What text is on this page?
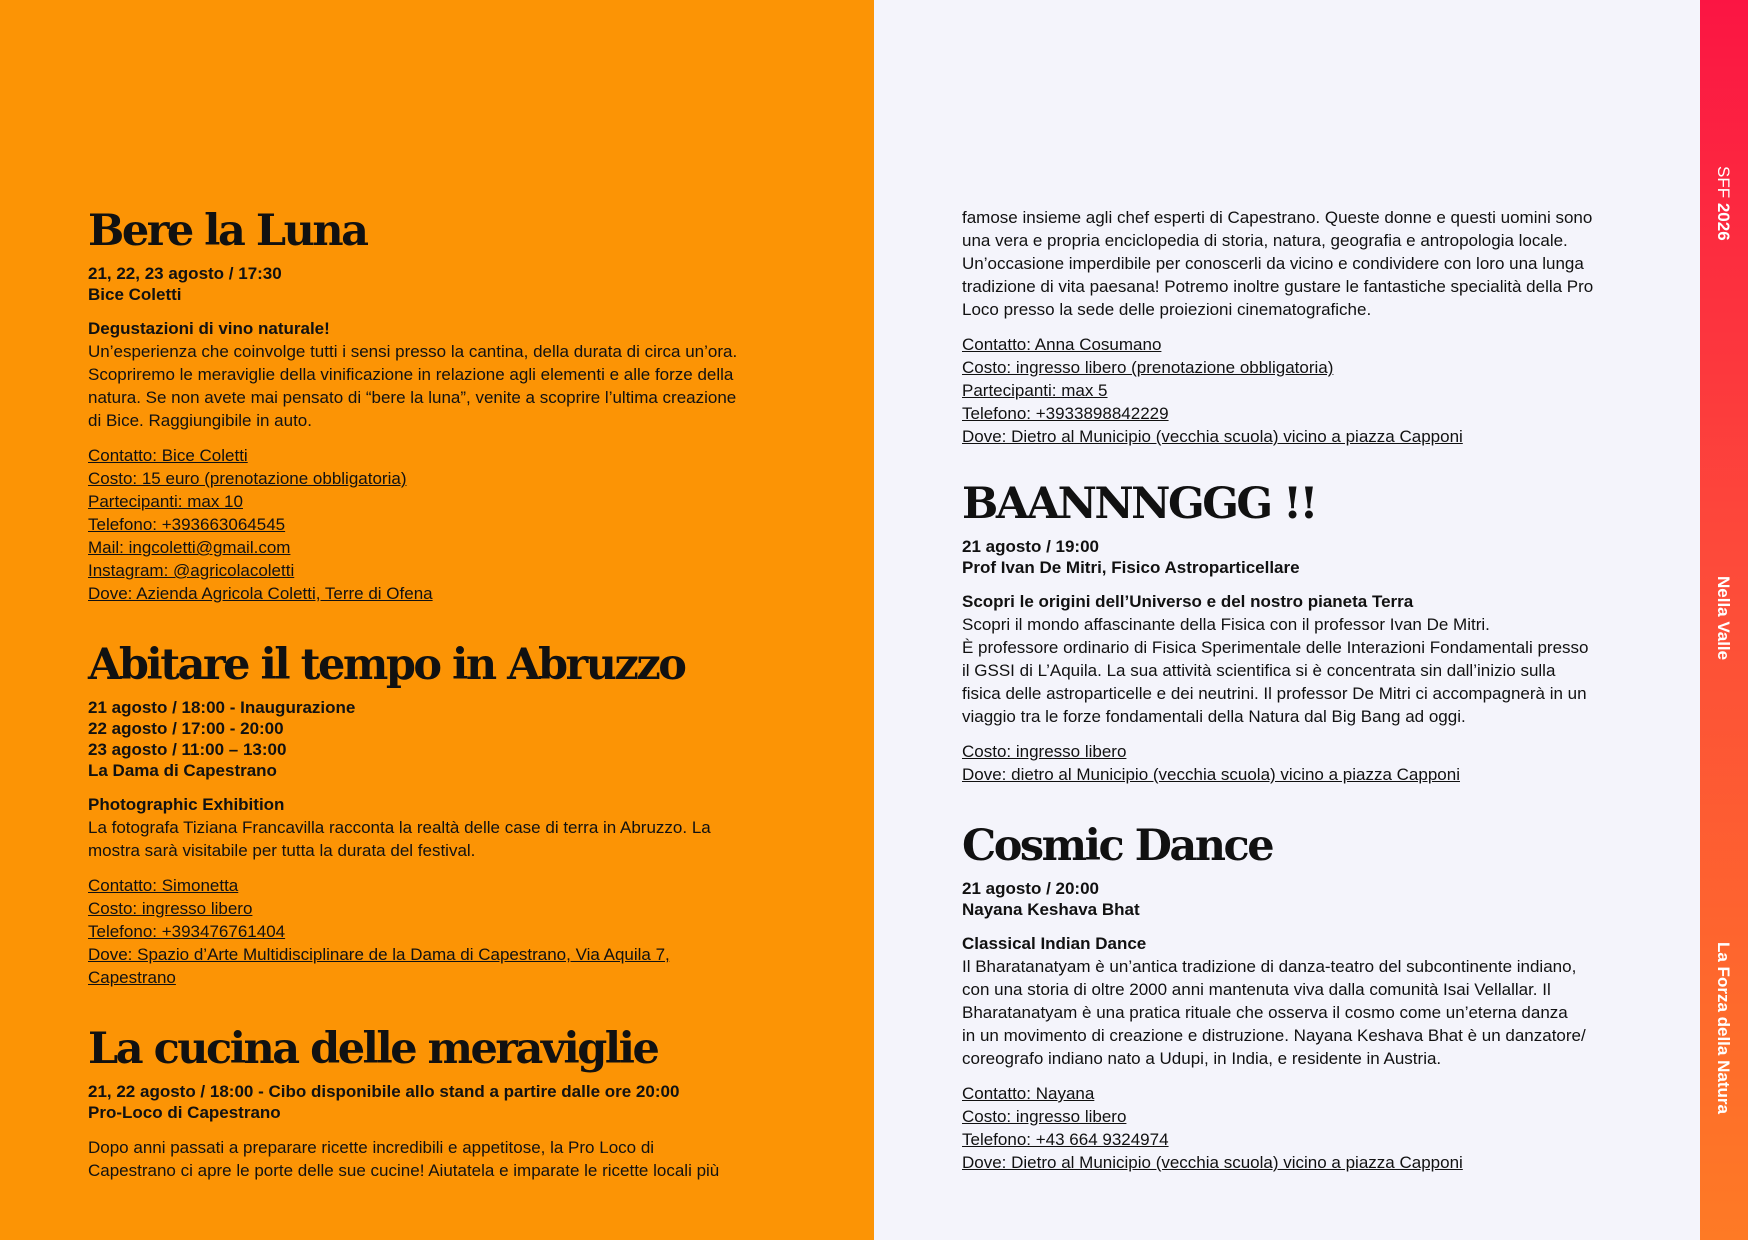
SFF 2026
Nella Valle
La Forza della Natura
Bere la Luna
21, 22, 23 agosto / 17:30
Bice Coletti
Degustazioni di vino naturale!
Un’esperienza che coinvolge tutti i sensi presso la cantina, della durata di circa un’ora.
Scopriremo le meraviglie della vinificazione in relazione agli elementi e alle forze della
natura. Se non avete mai pensato di “bere la luna”, venite a scoprire l’ultima creazione
di Bice. Raggiungibile in auto.
Contatto: Bice Coletti
Costo: 15 euro (prenotazione obbligatoria)
Partecipanti: max 10
Telefono: +393663064545
Mail: ingcoletti@gmail.com
Instagram: @agricolacoletti
Dove: Azienda Agricola Coletti, Terre di Ofena
Abitare il tempo in Abruzzo
21 agosto / 18:00 - Inaugurazione
22 agosto / 17:00 - 20:00
23 agosto / 11:00 – 13:00
La Dama di Capestrano
Photographic Exhibition
La fotografa Tiziana Francavilla racconta la realtà delle case di terra in Abruzzo. La
mostra sarà visitabile per tutta la durata del festival.
Contatto: Simonetta
Costo: ingresso libero
Telefono: +393476761404
Dove: Spazio d’Arte Multidisciplinare de la Dama di Capestrano, Via Aquila 7,
Capestrano
La cucina delle meraviglie
21, 22 agosto / 18:00 - Cibo disponibile allo stand a partire dalle ore 20:00
Pro-Loco di Capestrano
Dopo anni passati a preparare ricette incredibili e appetitose, la Pro Loco di
Capestrano ci apre le porte delle sue cucine! Aiutatela e imparate le ricette locali più
famose insieme agli chef esperti di Capestrano. Queste donne e questi uomini sono
una vera e propria enciclopedia di storia, natura, geografia e antropologia locale.
Un’occasione imperdibile per conoscerli da vicino e condividere con loro una lunga
tradizione di vita paesana! Potremo inoltre gustare le fantastiche specialità della Pro
Loco presso la sede delle proiezioni cinematografiche.
Contatto: Anna Cosumano
Costo: ingresso libero (prenotazione obbligatoria)
Partecipanti: max 5
Telefono: +3933898842229
Dove: Dietro al Municipio (vecchia scuola) vicino a piazza Capponi
BAANNNGGG !!
21 agosto / 19:00
Prof Ivan De Mitri, Fisico Astroparticellare
Scopri le origini dell’Universo e del nostro pianeta Terra
Scopri il mondo affascinante della Fisica con il professor Ivan De Mitri.
È professore ordinario di Fisica Sperimentale delle Interazioni Fondamentali presso
il GSSI di L’Aquila. La sua attività scientifica si è concentrata sin dall’inizio sulla
fisica delle astroparticelle e dei neutrini. Il professor De Mitri ci accompagnerà in un
viaggio tra le forze fondamentali della Natura dal Big Bang ad oggi.
Costo: ingresso libero
Dove: dietro al Municipio (vecchia scuola) vicino a piazza Capponi
Cosmic Dance
21 agosto / 20:00
Nayana Keshava Bhat
Classical Indian Dance
Il Bharatanatyam è un’antica tradizione di danza-teatro del subcontinente indiano,
con una storia di oltre 2000 anni mantenuta viva dalla comunità Isai Vellallar. Il
Bharatanatyam è una pratica rituale che osserva il cosmo come un’eterna danza
in un movimento di creazione e distruzione. Nayana Keshava Bhat è un danzatore/
coreografo indiano nato a Udupi, in India, e residente in Austria.
Contatto: Nayana
Costo: ingresso libero
Telefono: +43 664 9324974
Dove: Dietro al Municipio (vecchia scuola) vicino a piazza Capponi
